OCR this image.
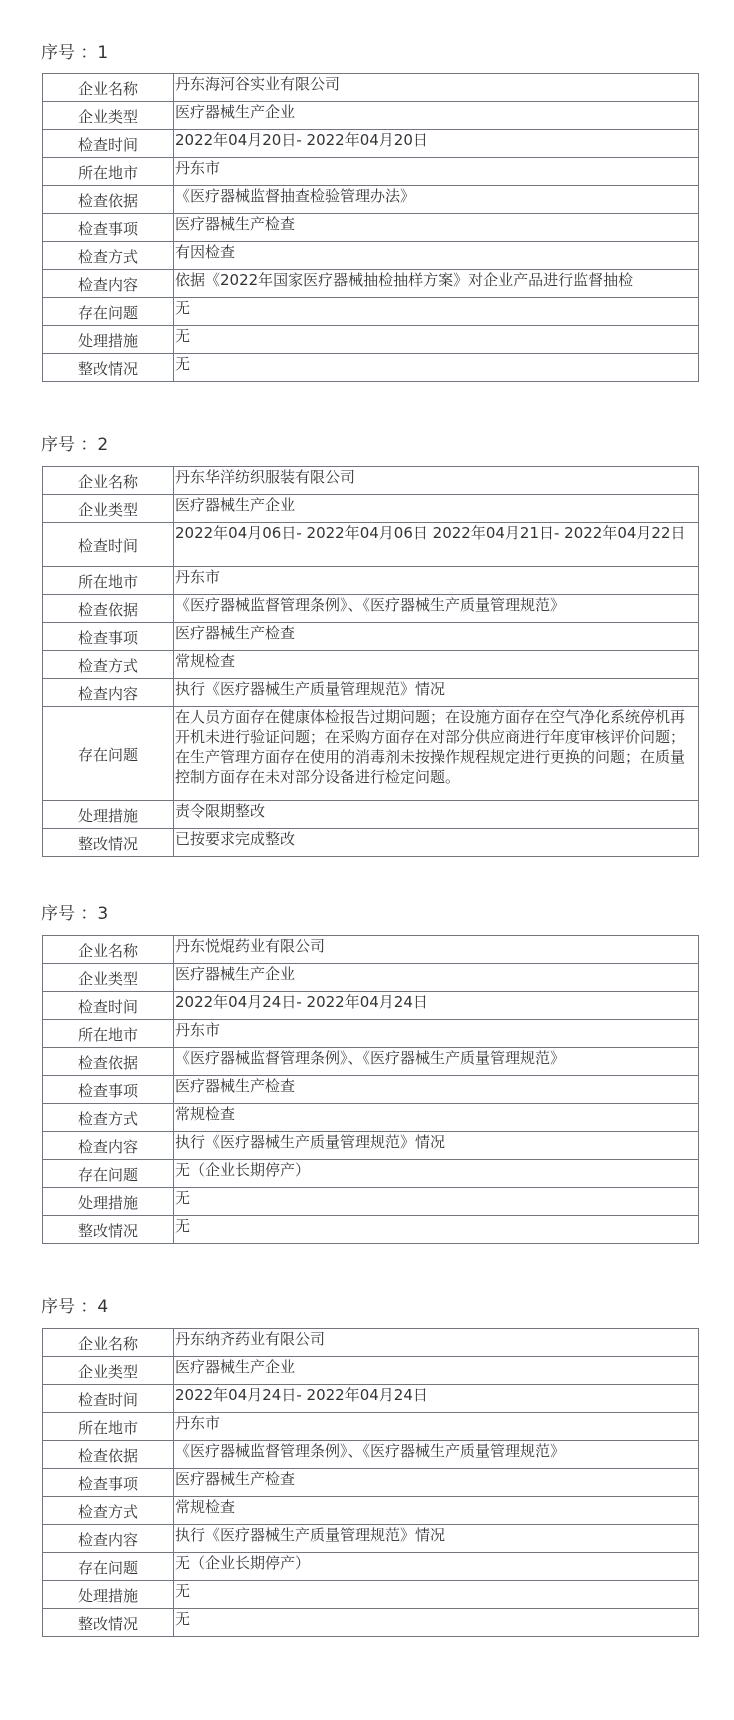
序号 ：1
企业名称	丹东海河谷实业有限公司
企业类型	医疗器械生产企业
检查时间	2022年04月20日- 2022年04月20日
所在地市	丹东市
检查依据	《医疗器械监督抽查检验管理办法》
检查事项	医疗器械生产检查
检查方式	有因检查
检查内容	依据《2022年国家医疗器械抽检抽样方案》对企业产品进行监督抽检
存在问题	无
处理措施	无
整改情况	无
序号 ：2
企业名称	丹东华洋纺织服装有限公司
企业类型	医疗器械生产企业
检查时间	2022年04月06日- 2022年04月06日 2022年04月21日- 2022年04月22日
所在地市	丹东市
检查依据	《医疗器械监督管理条例》、《医疗器械生产质量管理规范》
检查事项	医疗器械生产检查
检查方式	常规检查
检查内容	执行《医疗器械生产质量管理规范》情况
存在问题	在人员方面存在健康体检报告过期问题；在设施方面存在空气净化系统停机再开机未进行验证问题；在采购方面存在对部分供应商进行年度审核评价问题；在生产管理方面存在使用的消毒剂未按操作规程规定进行更换的问题；在质量控制方面存在未对部分设备进行检定问题。
处理措施	责令限期整改
整改情况	已按要求完成整改
序号 ：3
企业名称	丹东悦焜药业有限公司
企业类型	医疗器械生产企业
检查时间	2022年04月24日- 2022年04月24日
所在地市	丹东市
检查依据	《医疗器械监督管理条例》、《医疗器械生产质量管理规范》
检查事项	医疗器械生产检查
检查方式	常规检查
检查内容	执行《医疗器械生产质量管理规范》情况
存在问题	无（企业长期停产）
处理措施	无
整改情况	无
序号 ：4
企业名称	丹东纳齐药业有限公司
企业类型	医疗器械生产企业
检查时间	2022年04月24日- 2022年04月24日
所在地市	丹东市
检查依据	《医疗器械监督管理条例》、《医疗器械生产质量管理规范》
检查事项	医疗器械生产检查
检查方式	常规检查
检查内容	执行《医疗器械生产质量管理规范》情况
存在问题	无（企业长期停产）
处理措施	无
整改情况	无
